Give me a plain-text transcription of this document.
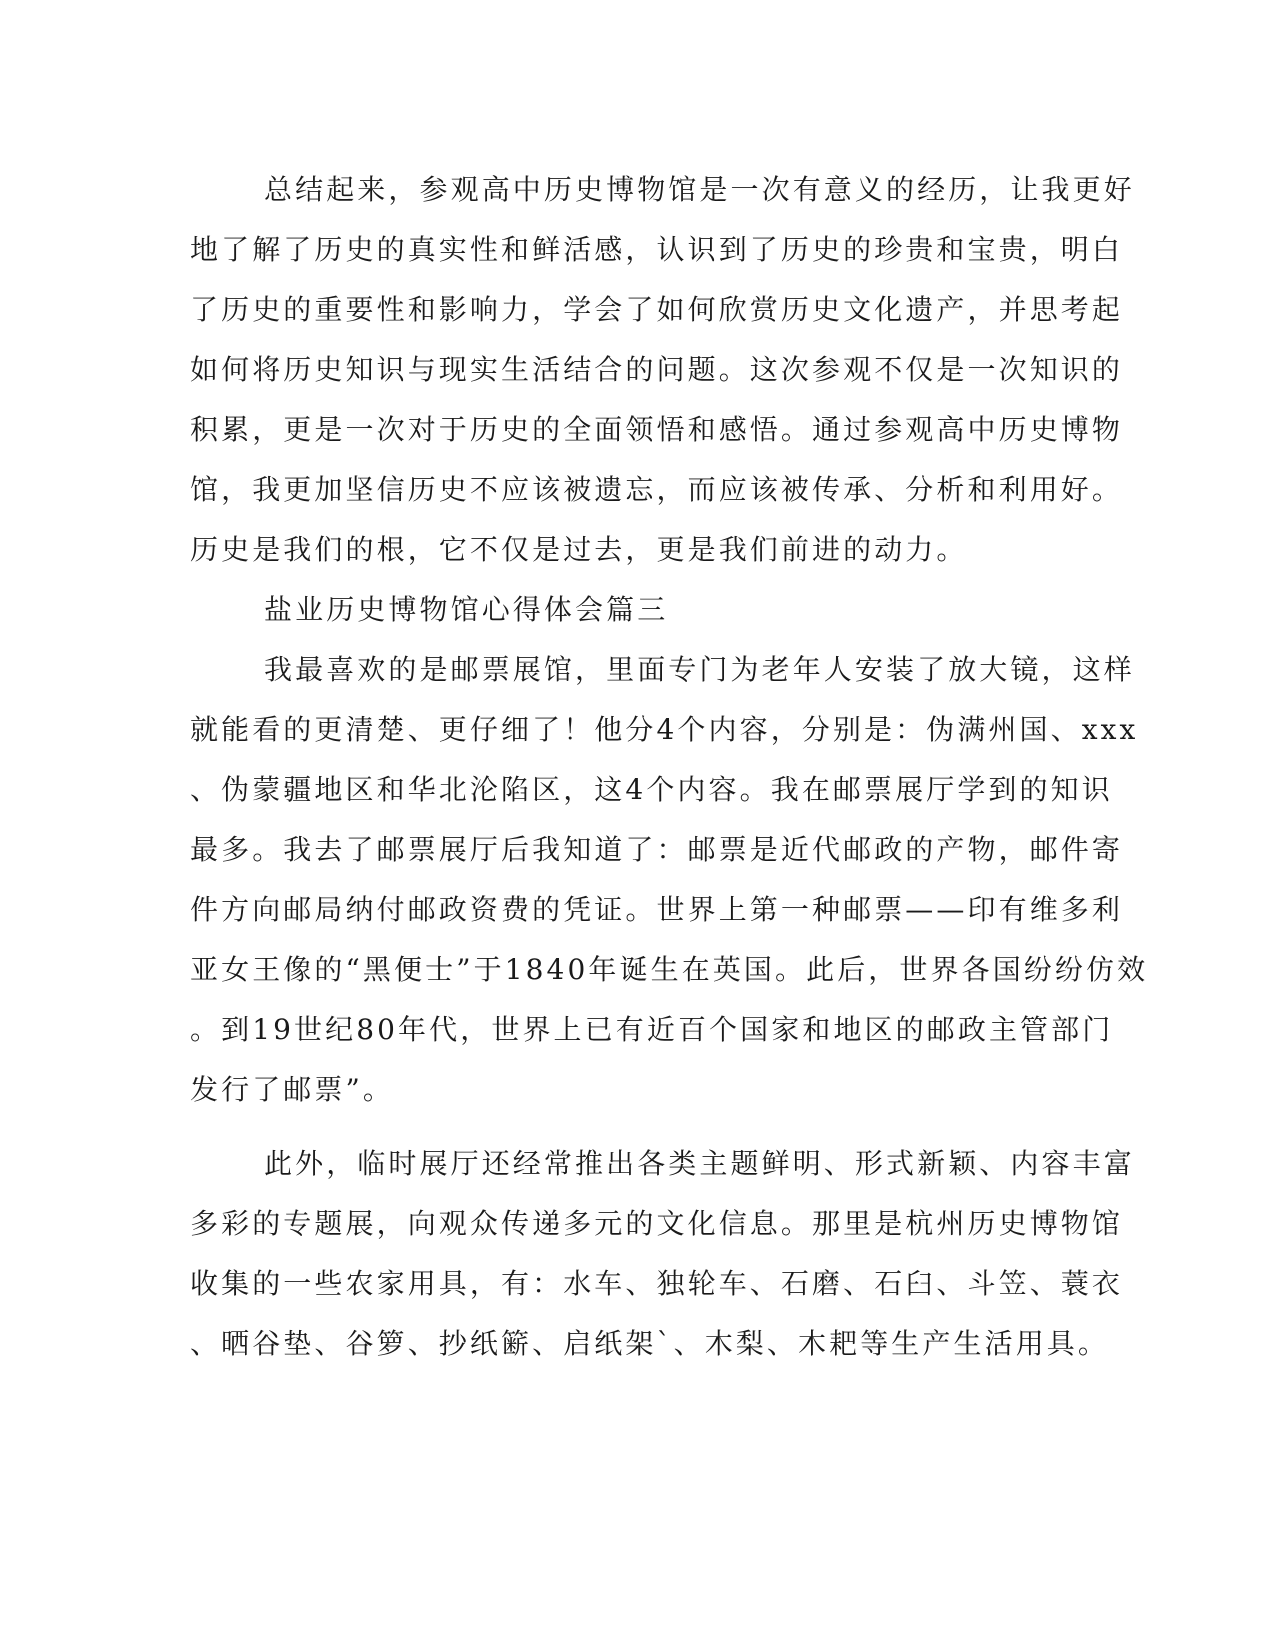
总结起来，参观高中历史博物馆是一次有意义的经历，让我更好
地了解了历史的真实性和鲜活感，认识到了历史的珍贵和宝贵，明白
了历史的重要性和影响力，学会了如何欣赏历史文化遗产，并思考起
如何将历史知识与现实生活结合的问题。这次参观不仅是一次知识的
积累，更是一次对于历史的全面领悟和感悟。通过参观高中历史博物
馆，我更加坚信历史不应该被遗忘，而应该被传承、分析和利用好。
历史是我们的根，它不仅是过去，更是我们前进的动力。
盐业历史博物馆心得体会篇三
我最喜欢的是邮票展馆，里面专门为老年人安装了放大镜，这样
就能看的更清楚、更仔细了！他分4个内容，分别是：伪满州国、xxx
、伪蒙疆地区和华北沦陷区，这4个内容。我在邮票展厅学到的知识
最多。我去了邮票展厅后我知道了：邮票是近代邮政的产物，邮件寄
件方向邮局纳付邮政资费的凭证。世界上第一种邮票——印有维多利
亚女王像的“黑便士”于1840年诞生在英国。此后，世界各国纷纷仿效
。到19世纪80年代，世界上已有近百个国家和地区的邮政主管部门
发行了邮票”。
此外，临时展厅还经常推出各类主题鲜明、形式新颖、内容丰富
多彩的专题展，向观众传递多元的文化信息。那里是杭州历史博物馆
收集的一些农家用具，有：水车、独轮车、石磨、石臼、斗笠、蓑衣
、晒谷垫、谷箩、抄纸簖、启纸架`、木梨、木耙等生产生活用具。
